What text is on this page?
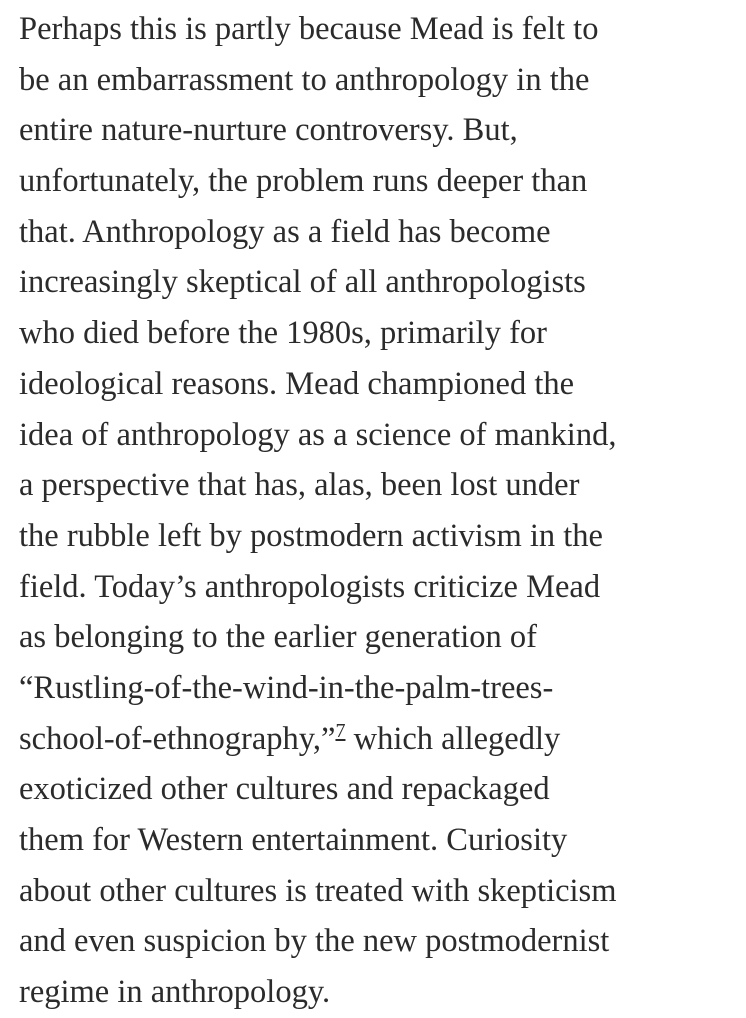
Perhaps this is partly because Mead is felt to
be an embarrassment to anthropology in the
entire nature-nurture controversy. But,
unfortunately, the problem runs deeper than
that. Anthropology as a field has become
increasingly skeptical of all anthropologists
who died before the 1980s, primarily for
ideological reasons. Mead championed the
idea of anthropology as a science of mankind,
a perspective that has, alas, been lost under
the rubble left by postmodern activism in the
field. Today’s anthropologists criticize Mead
as belonging to the earlier generation of
“Rustling-of-the-wind-in-the-palm-trees-
school-of-ethnography,”$^7$ which allegedly
exoticized other cultures and repackaged
them for Western entertainment. Curiosity
about other cultures is treated with skepticism
and even suspicion by the new postmodernist
regime in anthropology.
